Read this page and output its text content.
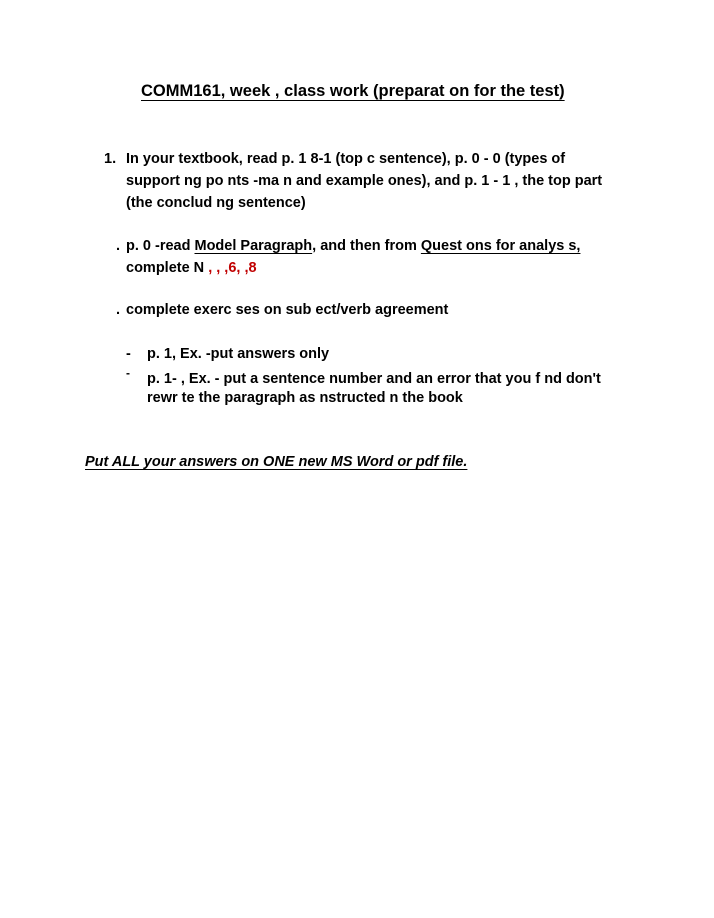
COMM161, week , class work (preparat on for the test)
1. In your textbook, read p. 1 8-1 (top c sentence), p. 0 - 0 (types of
support ng po nts -ma n and example ones), and p. 1 - 1 , the top part
(the conclud ng sentence)
. p. 0 -read Model Paragraph, and then from Quest ons for analys s,
complete N , , ,6, ,8
. complete exerc ses on sub ect/verb agreement
- p. 1, Ex. -put answers only
- p. 1- , Ex. - put a sentence number and an error that you f nd don't
rewr te the paragraph as nstructed n the book
Put ALL your answers on ONE new MS Word or pdf file.
